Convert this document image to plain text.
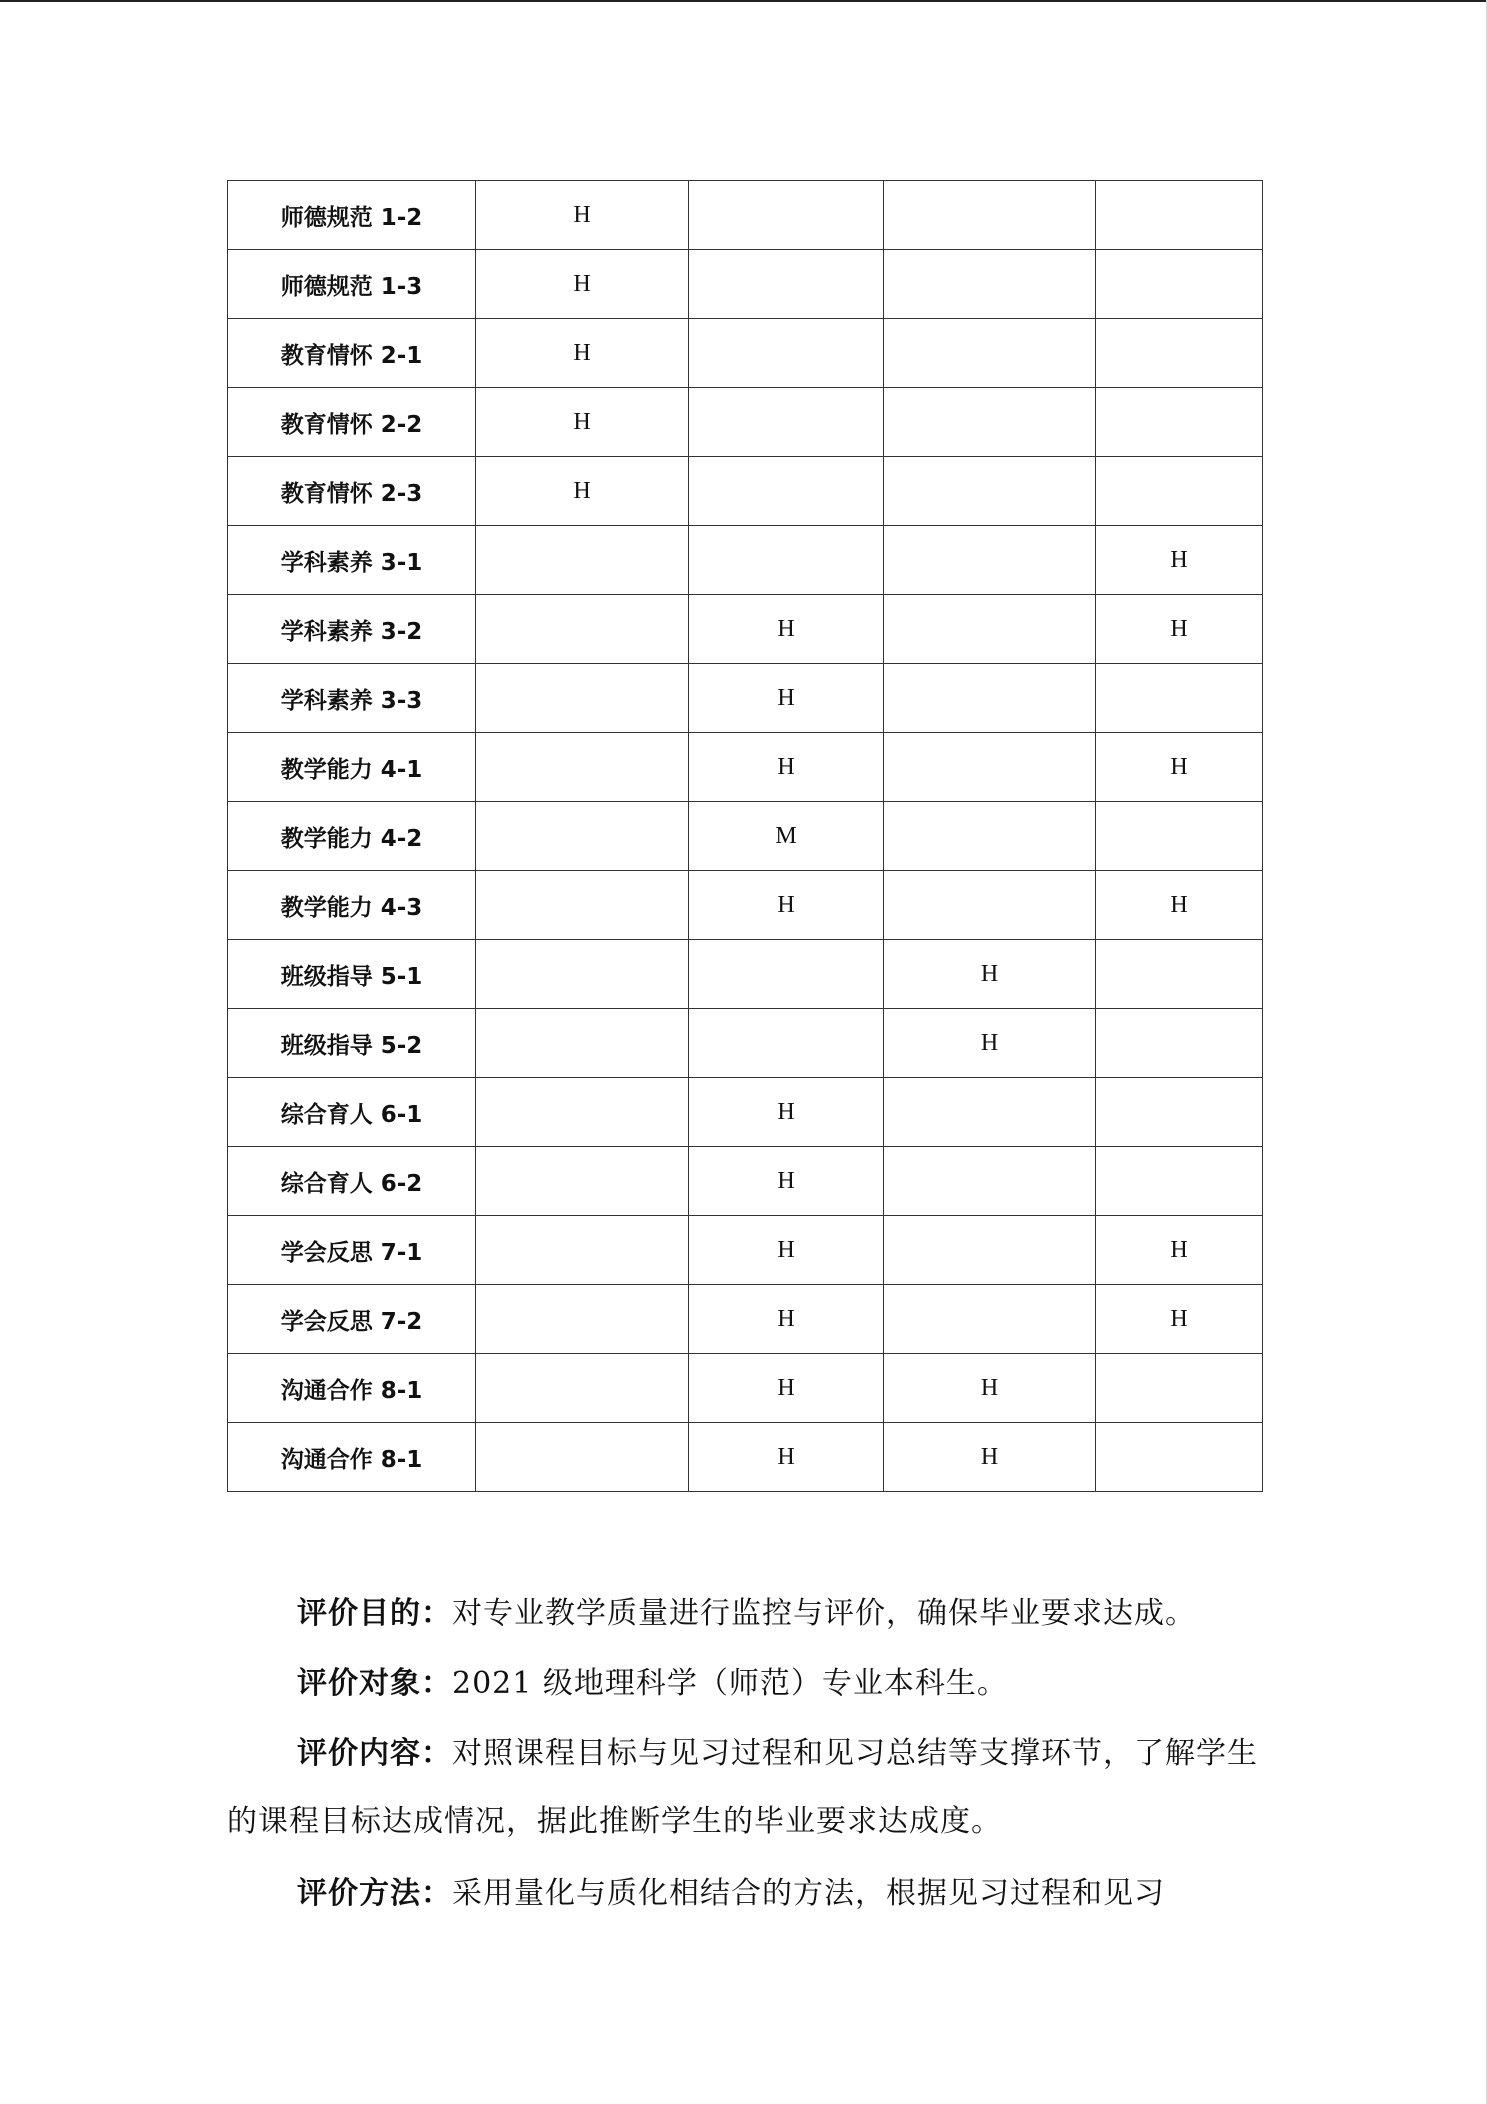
师德规范 1-2	H			
师德规范 1-3	H			
教育情怀 2-1	H			
教育情怀 2-2	H			
教育情怀 2-3	H			
学科素养 3-1				H
学科素养 3-2		H		H
学科素养 3-3		H		
教学能力 4-1		H		H
教学能力 4-2		M		
教学能力 4-3		H		H
班级指导 5-1			H	
班级指导 5-2			H	
综合育人 6-1		H		
综合育人 6-2		H		
学会反思 7-1		H		H
学会反思 7-2		H		H
沟通合作 8-1		H	H	
沟通合作 8-1		H	H	
评价目的：对专业教学质量进行监控与评价，确保毕业要求达成。
评价对象：2021 级地理科学（师范）专业本科生。
评价内容：对照课程目标与见习过程和见习总结等支撑环节，了解学生的课程目标达成情况，据此推断学生的毕业要求达成度。
评价方法：采用量化与质化相结合的方法，根据见习过程和见习
